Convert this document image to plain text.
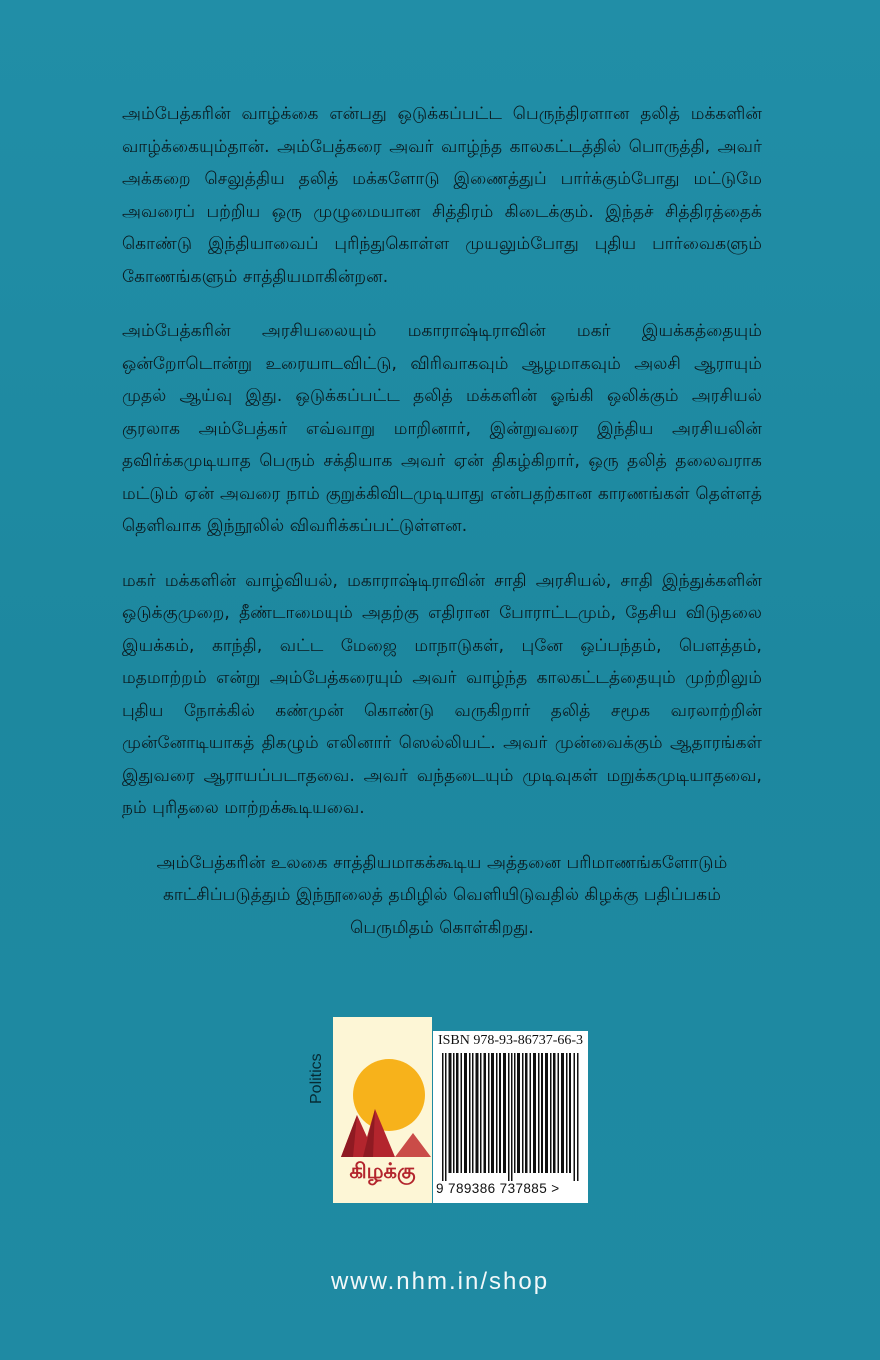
அம்பேத்கரின் வாழ்க்கை என்பது ஒடுக்கப்பட்ட பெருந்திரளான தலித் மக்களின் வாழ்க்கையும்தான். அம்பேத்கரை அவர் வாழ்ந்த காலகட்டத்தில் பொருத்தி, அவர் அக்கறை செலுத்திய தலித் மக்களோடு இணைத்துப் பார்க்கும்போது மட்டுமே அவரைப் பற்றிய ஒரு முழுமையான சித்திரம் கிடைக்கும். இந்தச் சித்திரத்தைக் கொண்டு இந்தியாவைப் புரிந்துகொள்ள முயலும்போது புதிய பார்வைகளும் கோணங்களும் சாத்தியமாகின்றன.

அம்பேத்கரின் அரசியலையும் மகாராஷ்டிராவின் மகர் இயக்கத்தையும் ஒன்றோடொன்று உரையாடவிட்டு, விரிவாகவும் ஆழமாகவும் அலசி ஆராயும் முதல் ஆய்வு இது. ஒடுக்கப்பட்ட தலித் மக்களின் ஓங்கி ஒலிக்கும் அரசியல் குரலாக அம்பேத்கர் எவ்வாறு மாறினார், இன்றுவரை இந்திய அரசியலின் தவிர்க்கமுடியாத பெரும் சக்தியாக அவர் ஏன் திகழ்கிறார், ஒரு தலித் தலைவராக மட்டும் ஏன் அவரை நாம் குறுக்கிவிடமுடியாது என்பதற்கான காரணங்கள் தெள்ளத் தெளிவாக இந்நூலில் விவரிக்கப்பட்டுள்ளன.

மகர் மக்களின் வாழ்வியல், மகாராஷ்டிராவின் சாதி அரசியல், சாதி இந்துக்களின் ஒடுக்குமுறை, தீண்டாமையும் அதற்கு எதிரான போராட்டமும், தேசிய விடுதலை இயக்கம், காந்தி, வட்ட மேஜை மாநாடுகள், புனே ஒப்பந்தம், பௌத்தம், மதமாற்றம் என்று அம்பேத்கரையும் அவர் வாழ்ந்த காலகட்டத்தையும் முற்றிலும் புதிய நோக்கில் கண்முன் கொண்டு வருகிறார் தலித் சமூக வரலாற்றின் முன்னோடியாகத் திகழும் எலினார் ஸெல்லியட். அவர் முன்வைக்கும் ஆதாரங்கள் இதுவரை ஆராயப்படாதவை. அவர் வந்தடையும் முடிவுகள் மறுக்கமுடியாதவை, நம் புரிதலை மாற்றக்கூடியவை.

அம்பேத்கரின் உலகை சாத்தியமாகக்கூடிய அத்தனை பரிமாணங்களோடும் காட்சிப்படுத்தும் இந்நூலைத் தமிழில் வெளியிடுவதில் கிழக்கு பதிப்பகம் பெருமிதம் கொள்கிறது.

Politics
கிழக்கு
ISBN 978-93-86737-66-3
9 789386 737885 >
www.nhm.in/shop
